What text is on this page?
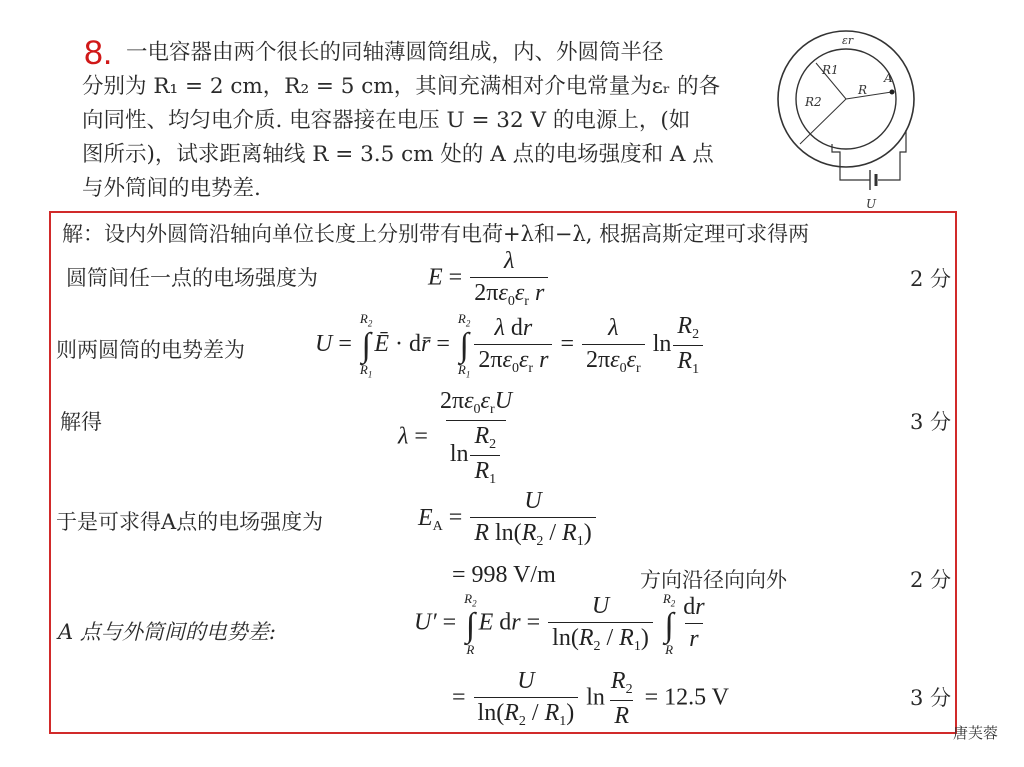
8. 一电容器由两个很长的同轴薄圆筒组成，内、外圆筒半径
分别为 R₁ = 2 cm，R₂ = 5 cm，其间充满相对介电常量为εᵣ 的各
向同性、均匀电介质. 电容器接在电压 U = 32 V 的电源上，(如
图所示)，试求距离轴线 R = 3.5 cm 处的 A 点的电场强度和 A 点
与外筒间的电势差.
εr
R1
R2
R
A
U
解：设内外圆筒沿轴向单位长度上分别带有电荷+λ和−λ, 根据高斯定理可求得两
圆筒间任一点的电场强度为	$E = \frac{\lambda}{2\pi\varepsilon_0\varepsilon_r r}$	2 分
则两圆筒的电势差为	U =
$R_2$
∫
$R_1$
Ē · dr̄ =
$R_2$
∫
$R_1 \frac{\text{λ dr}}{2\pi\varepsilon_0\varepsilon_r r} = \frac{\lambda}{2\pi\varepsilon_0\varepsilon_r}$ $\ln \frac{R_2}{R_1}$
解得
$\lambda = \frac{2\pi\varepsilon_0\varepsilon_rU}{\ln \frac{R_2}{R_1}}$	3 分
于是可求得A点的电场强度为	$E_A = \frac{U}{R \ln(R_2 / R_1)}$
= 998 V/m	方向沿径向向外	2 分
A 点与外筒间的电势差:	U′ =
$R_2$
∫
R
E dr = $\frac{U}{\ln(R_2 / R_1)}$
$R_2$
∫
R $\frac{dr}{r}$
= $\frac{U}{\ln(R_2 / R_1)}$ $\ln \frac{R_2}{R} = 12.5$ V	3 分
唐芙蓉
